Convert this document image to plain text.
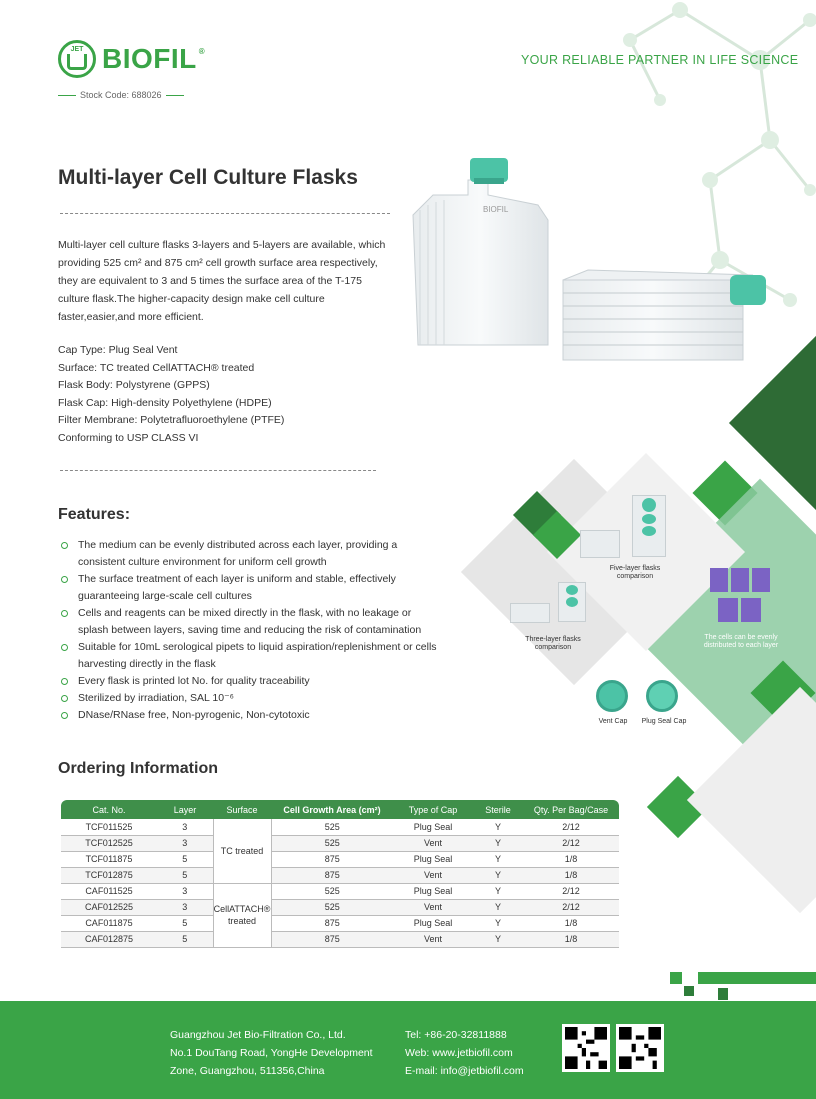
JET BIOFIL ®
Stock Code: 688026
YOUR RELIABLE PARTNER IN LIFE SCIENCE
Multi-layer Cell Culture Flasks
Multi-layer cell culture flasks 3-layers and 5-layers are available, which providing 525 cm² and 875 cm² cell growth surface area respectively, they are equivalent to 3 and 5 times the surface area of the T-175 culture flask.The higher-capacity design make cell culture faster,easier,and more efficient.
Cap Type: Plug Seal Vent
Surface: TC treated CellATTACH® treated
Flask Body: Polystyrene (GPPS)
Flask Cap: High-density Polyethylene (HDPE)
Filter Membrane: Polytetrafluoroethylene (PTFE)
Conforming to USP CLASS VI
BIOFIL
Five-layer flasks comparison
Three-layer flasks comparison
The cells can be evenly distributed to each layer
Vent Cap	Plug Seal Cap
Features:
The medium can be evenly distributed across each layer, providing a consistent culture environment for uniform cell growth
The surface treatment of each layer is uniform and stable, effectively guaranteeing large-scale cell cultures
Cells and reagents can be mixed directly in the flask, with no leakage or splash between layers, saving time and reducing the risk of contamination
Suitable for 10mL serological pipets to liquid aspiration/replenishment or cells harvesting directly in the flask
Every flask is printed lot No. for quality traceability
Sterilized by irradiation, SAL 10⁻⁶
DNase/RNase free, Non-pyrogenic, Non-cytotoxic
Ordering Information
Cat. No.	Layer	Surface	Cell Growth Area (cm²)	Type of Cap	Sterile	Qty. Per Bag/Case
TCF011525	3	TC treated	525	Plug Seal	Y	2/12
TCF012525	3		525	Vent	Y	2/12
TCF011875	5		875	Plug Seal	Y	1/8
TCF012875	5		875	Vent	Y	1/8
CAF011525	3	CellATTACH® treated	525	Plug Seal	Y	2/12
CAF012525	3		525	Vent	Y	2/12
CAF011875	5		875	Plug Seal	Y	1/8
CAF012875	5		875	Vent	Y	1/8
Guangzhou Jet Bio-Filtration Co., Ltd.
No.1 DouTang Road, YongHe Development
Zone, Guangzhou, 511356,China
Tel: +86-20-32811888
Web: www.jetbiofil.com
E-mail: info@jetbiofil.com
